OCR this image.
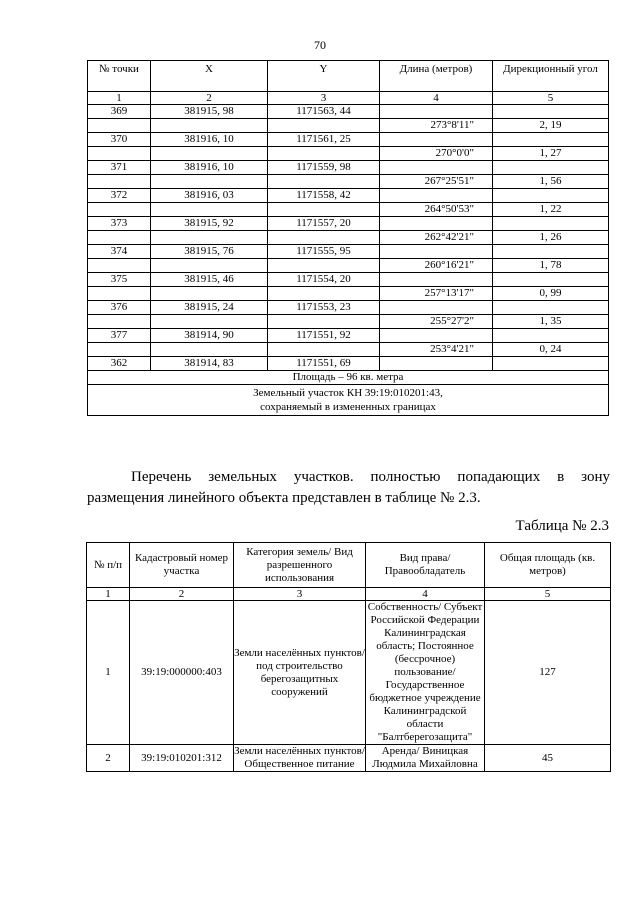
70
№ точки	X	Y	Длина (метров)	Дирекционный угол
1	2	3	4	5
369	381915, 98	1171563, 44		
			273°8'11"	2, 19
370	381916, 10	1171561, 25		
			270°0'0"	1, 27
371	381916, 10	1171559, 98		
			267°25'51"	1, 56
372	381916, 03	1171558, 42		
			264°50'53"	1, 22
373	381915, 92	1171557, 20		
			262°42'21"	1, 26
374	381915, 76	1171555, 95		
			260°16'21"	1, 78
375	381915, 46	1171554, 20		
			257°13'17"	0, 99
376	381915, 24	1171553, 23		
			255°27'2"	1, 35
377	381914, 90	1171551, 92		
			253°4'21"	0, 24
362	381914, 83	1171551, 69		
Площадь – 96 кв. метра				
Земельный участок КН 39:19:010201:43,
сохраняемый в измененных границах				

Перечень земельных участков. полностью попадающих в зону размещения линейного объекта представлен в таблице № 2.3.

Таблица № 2.3
№ п/п	Кадастровый номер участка	Категория земель/ Вид разрешенного использования	Вид права/ Правообладатель	Общая площадь (кв. метров)
1	2	3	4	5
1	39:19:000000:403	Земли населённых пунктов/ под строительство берегозащитных сооружений	Собственность/ Субъект Российской Федерации Калининградская область; Постоянное (бессрочное) пользование/ Государственное бюджетное учреждение Калининградской области "Балтберегозащита"	127
2	39:19:010201:312	Земли населённых пунктов/ Общественное питание	Аренда/ Виницкая Людмила Михайловна	45
